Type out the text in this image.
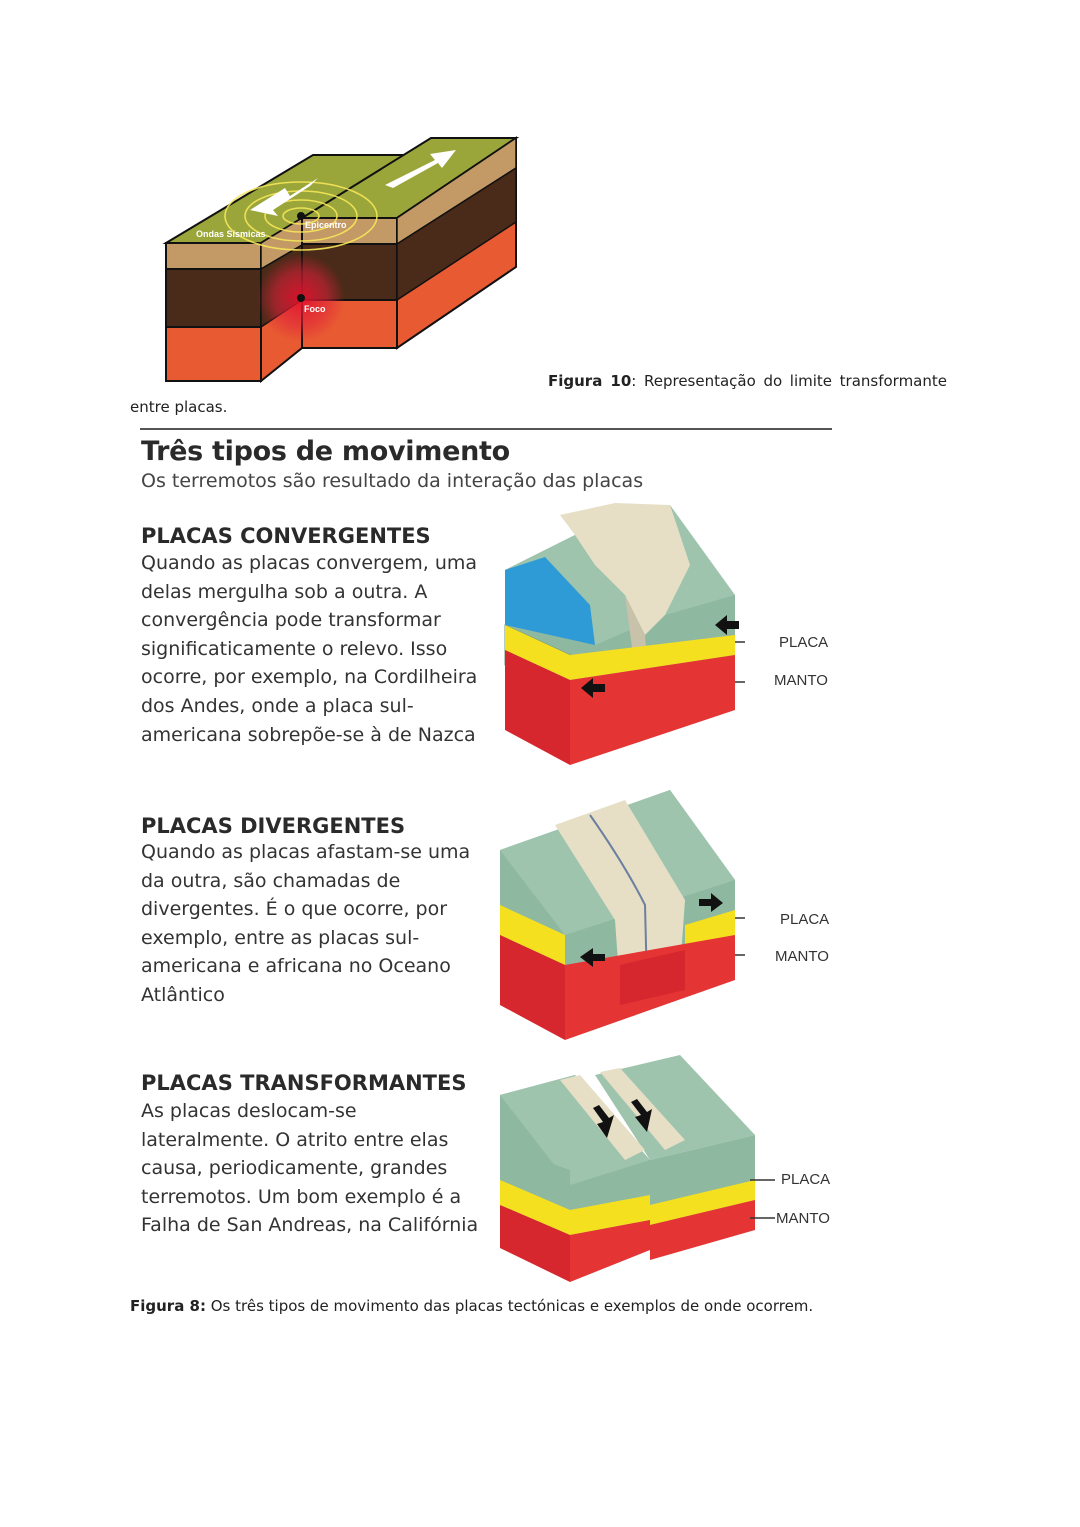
Ondas Sísmicas
Epicentro
Foco
Figura 10: Representação do limite transformante
entre placas.
Três tipos de movimento
Os terremotos são resultado da interação das placas
PLACAS CONVERGENTES
Quando as placas convergem, uma delas mergulha sob a outra. A convergência pode transformar significaticamente o relevo. Isso ocorre, por exemplo, na Cordilheira dos Andes, onde a placa sul-americana sobrepõe-se à de Nazca
PLACAS DIVERGENTES
Quando as placas afastam-se uma da outra, são chamadas de divergentes. É o que ocorre, por exemplo, entre as placas sul-americana e africana no Oceano Atlântico
PLACAS TRANSFORMANTES
As placas deslocam-se lateralmente. O atrito entre elas causa, periodicamente, grandes terremotos. Um bom exemplo é a Falha de San Andreas, na Califórnia
PLACA
MANTO
PLACA
MANTO
PLACA
MANTO
Figura 8: Os três tipos de movimento das placas tectónicas e exemplos de onde ocorrem.
